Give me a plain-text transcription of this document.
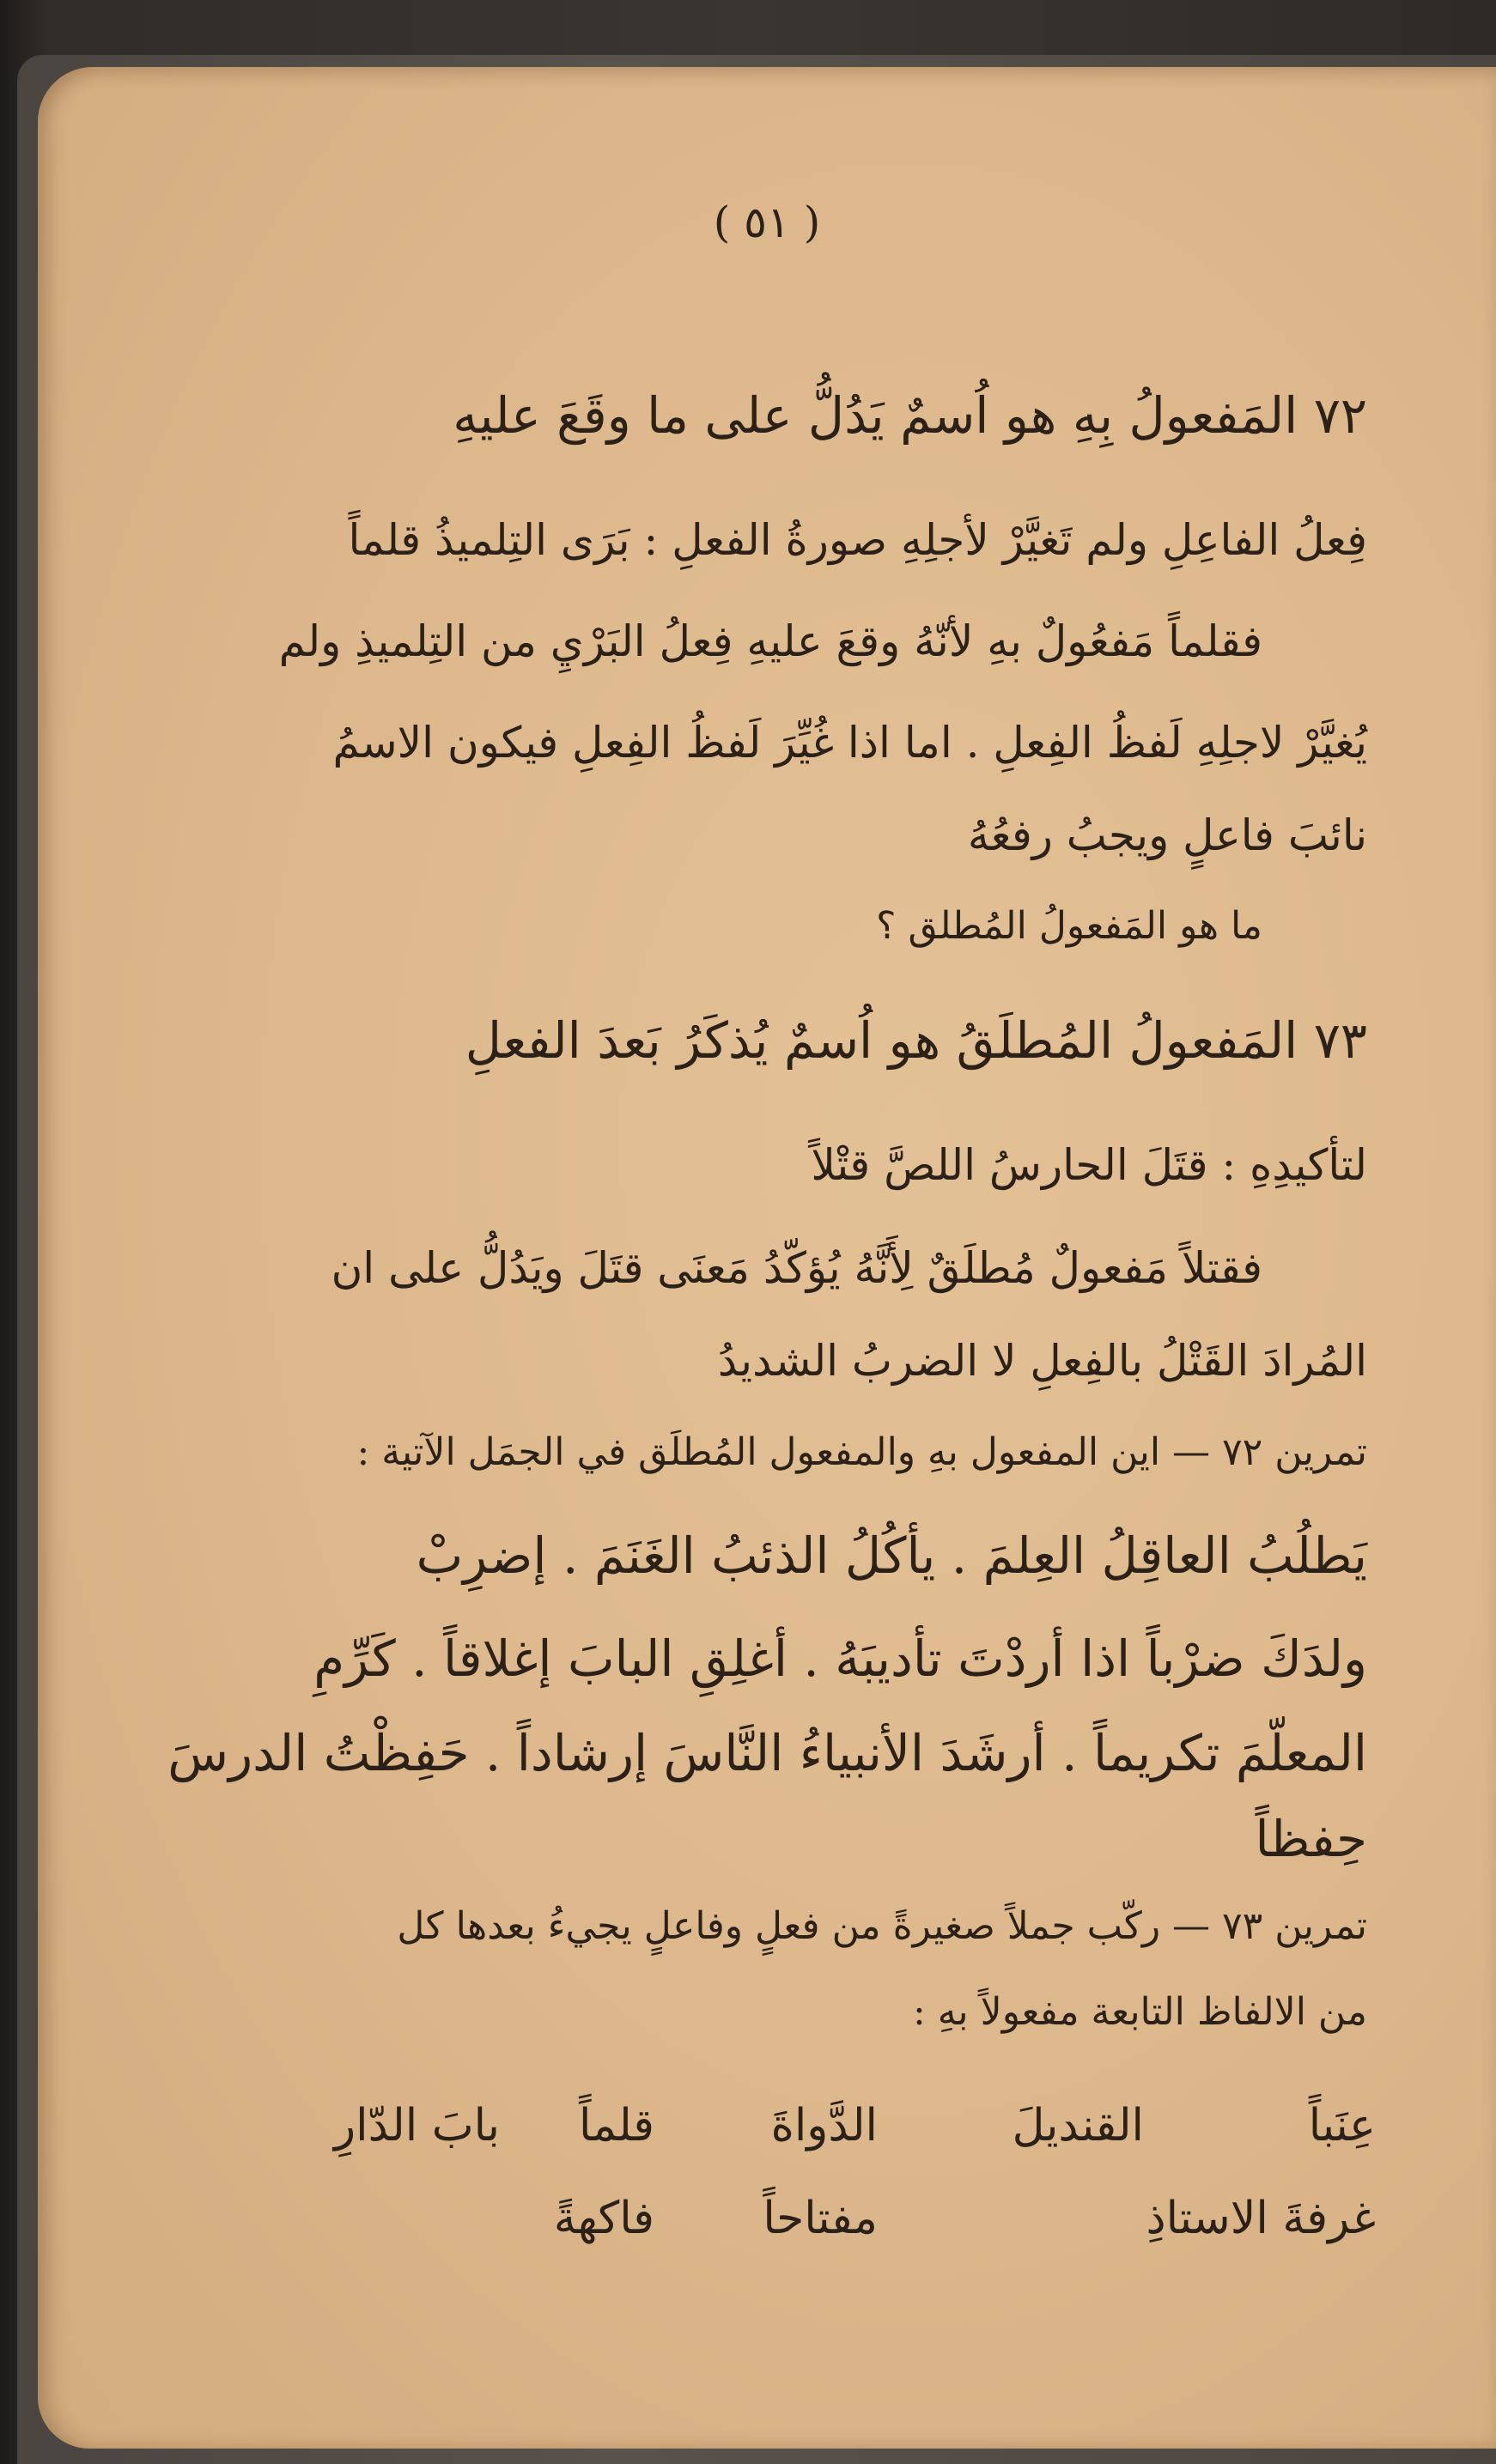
( ٥١ )
٧٢ المَفعولُ بِهِ هو اُسمٌ يَدُلُّ على ما وقَعَ عليهِ
فِعلُ الفاعِلِ ولم تَغيَّرْ لأجلِهِ صورةُ الفعلِ : بَرَى التِلميذُ قلماً
فقلماً مَفعُولٌ بهِ لأنّهُ وقعَ عليهِ فِعلُ البَرْيِ من التِلميذِ ولم
يُغيَّرْ لاجلِهِ لَفظُ الفِعلِ . اما اذا غُيِّرَ لَفظُ الفِعلِ فيكون الاسمُ
نائبَ فاعلٍ ويجبُ رفعُهُ
ما هو المَفعولُ المُطلق ؟
٧٣ المَفعولُ المُطلَقُ هو اُسمٌ يُذكَرُ بَعدَ الفعلِ
لتأكيدِهِ : قتَلَ الحارسُ اللصَّ قتْلاً
فقتلاً مَفعولٌ مُطلَقٌ لِأَنَّهُ يُؤكّدُ مَعنَى قتَلَ ويَدُلُّ على ان
المُرادَ القَتْلُ بالفِعلِ لا الضربُ الشديدُ
تمرين ٧٢ — اين المفعول بهِ والمفعول المُطلَق في الجمَل الآتية :
يَطلُبُ العاقِلُ العِلمَ . يأكُلُ الذئبُ الغَنَمَ . إضرِبْ
ولدَكَ ضرْباً اذا أردْتَ تأديبَهُ . أغلِقِ البابَ إغلاقاً . كَرِّمِ
المعلّمَ تكريماً . أرشَدَ الأنبياءُ النَّاسَ إرشاداً . حَفِظْتُ الدرسَ
حِفظاً
تمرين ٧٣ — ركّب جملاً صغيرةً من فعلٍ وفاعلٍ يجيءُ بعدها كل
من الالفاظ التابعة مفعولاً بهِ :
عِنَباً
القنديلَ
الدَّواةَ
قلماً
بابَ الدّارِ
غرفةَ الاستاذِ
مفتاحاً
فاكهةً
